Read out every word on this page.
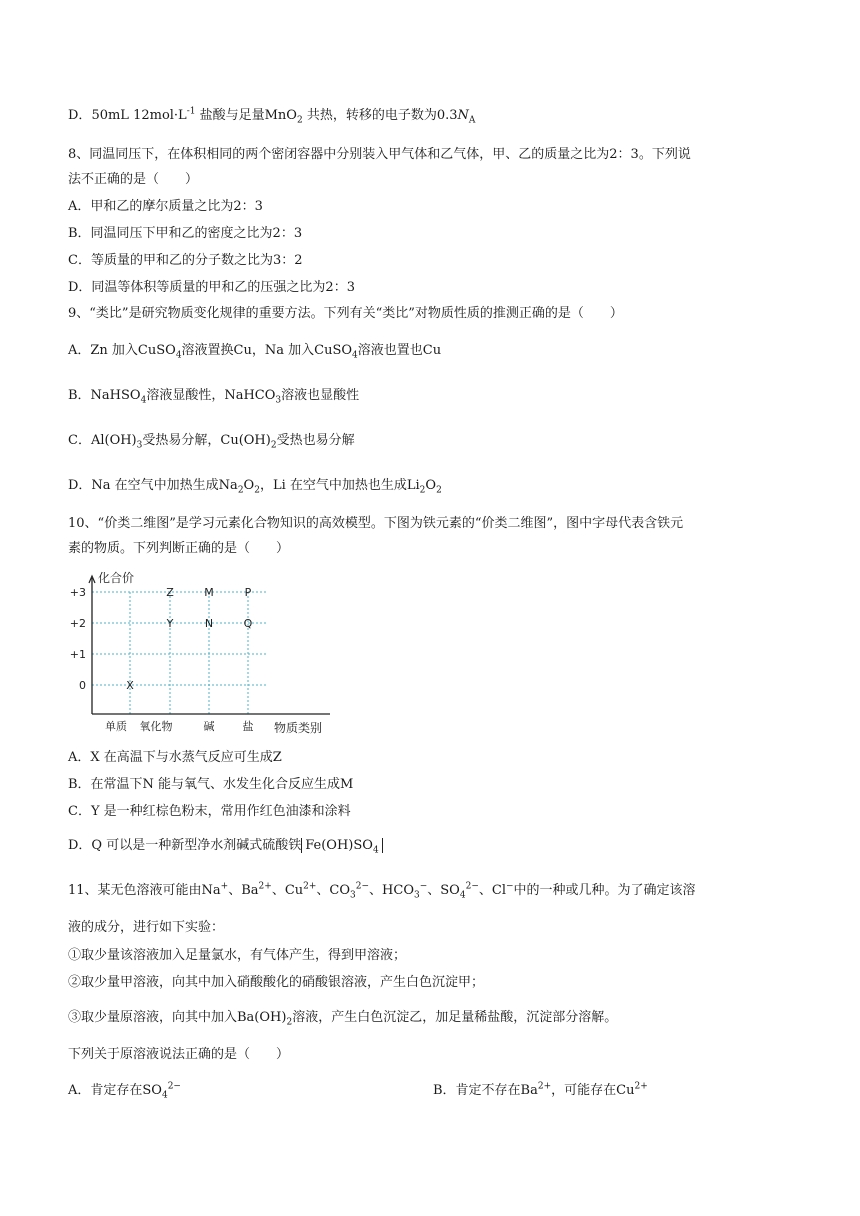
D．50mL $12mol\cdot L^{-1}$ 盐酸与足量MnO$_2$ 共热，转移的电子数为$0.3N_A$
8、同温同压下，在体积相同的两个密闭容器中分别装入甲气体和乙气体，甲、乙的质量之比为2：3。下列说
法不正确的是（　　）
A．甲和乙的摩尔质量之比为2：3
B．同温同压下甲和乙的密度之比为2：3
C．等质量的甲和乙的分子数之比为3：2
D．同温等体积等质量的甲和乙的压强之比为2：3
9、“类比”是研究物质变化规律的重要方法。下列有关“类比”对物质性质的推测正确的是（　　）
A．Zn 加入CuSO$_4$溶液置换Cu，Na 加入CuSO$_4$溶液也置也Cu
B．NaHSO$_4$溶液显酸性，NaHCO$_3$溶液也显酸性
C．$Al(OH)_3$受热易分解，$Cu(OH)_2$受热也易分解
D．Na 在空气中加热生成$Na_2O_2$，Li 在空气中加热也生成$Li_2O_2$
10、“价类二维图”是学习元素化合物知识的高效模型。下图为铁元素的“价类二维图”，图中字母代表含铁元
素的物质。下列判断正确的是（　　）
+3
+2
+1
0
单质 氧化物	碱	盐
化合价
物质类别
Z	M	P
Y	N	Q
X
A．X 在高温下与水蒸气反应可生成Z
B．在常温下N 能与氧气、水发生化合反应生成M
C．Y 是一种红棕色粉末，常用作红色油漆和涂料
D．Q 可以是一种新型净水剂碱式硫酸铁 $Fe(OH)SO_4$
11、某无色溶液可能由Na+、$Ba^{2+}$、$Cu^{2+}$、$CO_3^{2-}$、$HCO_3^-$、$SO_4^{2-}$、Cl−中的一种或几种。为了确定该溶
液的成分，进行如下实验：
①取少量该溶液加入足量氯水，有气体产生，得到甲溶液；
②取少量甲溶液，向其中加入硝酸酸化的硝酸银溶液，产生白色沉淀甲；
③取少量原溶液，向其中加入$Ba(OH)_2$溶液，产生白色沉淀乙，加足量稀盐酸，沉淀部分溶解。
下列关于原溶液说法正确的是（　　）
A．肯定存在$SO_4^{2-}$	B．肯定不存在$Ba^{2+}$，可能存在$Cu^{2+}$
